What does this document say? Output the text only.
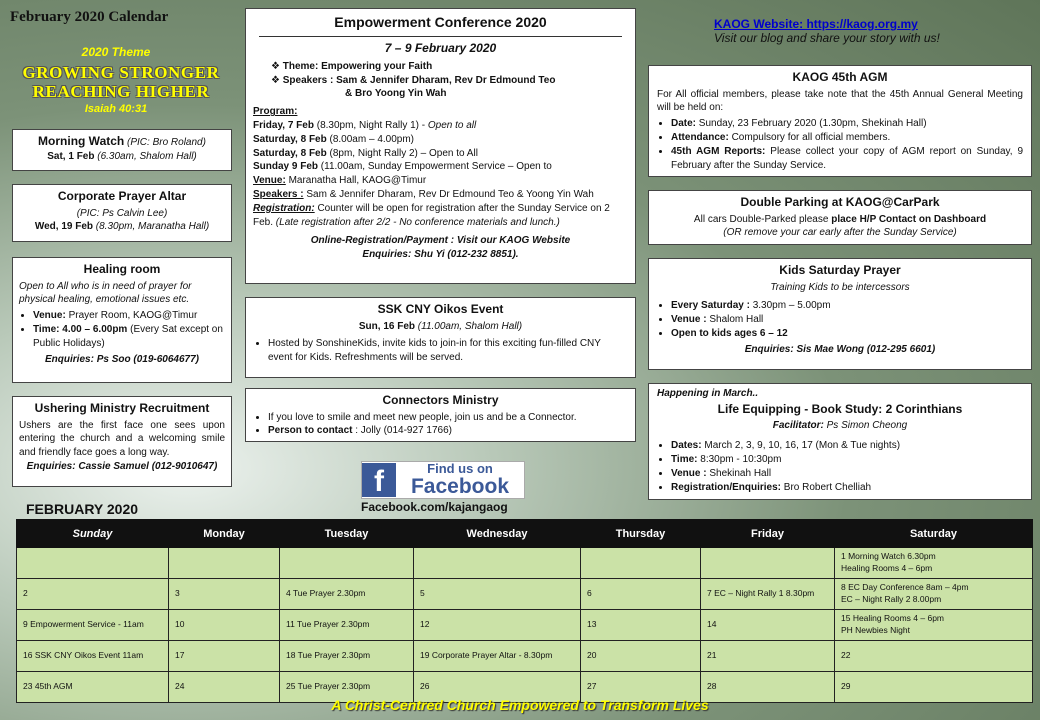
February 2020 Calendar
2020 Theme
GROWING STRONGER
REACHING HIGHER
Isaiah 40:31
Morning Watch (PIC: Bro Roland)
Sat, 1 Feb (6.30am, Shalom Hall)
Corporate Prayer Altar
(PIC: Ps Calvin Lee)
Wed, 19 Feb (8.30pm, Maranatha Hall)
Healing room
Open to All who is in need of prayer for physical healing, emotional issues etc.
• Venue: Prayer Room, KAOG@Timur
• Time: 4.00 – 6.00pm (Every Sat except on Public Holidays)
Enquiries: Ps Soo (019-6064677)
Ushering Ministry Recruitment
Ushers are the first face one sees upon entering the church and a welcoming smile and friendly face goes a long way.
Enquiries: Cassie Samuel (012-9010647)
Empowerment Conference 2020
7 – 9 February 2020
❖ Theme: Empowering your Faith
❖ Speakers : Sam & Jennifer Dharam, Rev Dr Edmound Teo
& Bro Yoong Yin Wah
Program:
Friday, 7 Feb (8.30pm, Night Rally 1) - Open to all
Saturday, 8 Feb (8.00am – 4.00pm)
Saturday, 8 Feb (8pm, Night Rally 2) – Open to All
Sunday 9 Feb (11.00am, Sunday Empowerment Service – Open to
Venue: Maranatha Hall, KAOG@Timur
Speakers : Sam & Jennifer Dharam, Rev Dr Edmound Teo & Yoong Yin Wah
Registration: Counter will be open for registration after the Sunday Service on 2 Feb. (Late registration after 2/2 - No conference materials and lunch.)
Online-Registration/Payment : Visit our KAOG Website
Enquiries: Shu Yi (012-232 8851).
SSK CNY Oikos Event
Sun, 16 Feb (11.00am, Shalom Hall)
• Hosted by SonshineKids, invite kids to join-in for this exciting fun-filled CNY event for Kids. Refreshments will be served.
Connectors Ministry
• If you love to smile and meet new people, join us and be a Connector.
• Person to contact : Jolly (014-927 1766)
f	Find us on
Facebook
Facebook.com/kajangaog
KAOG Website: https://kaog.org.my
Visit our blog and share your story with us!
KAOG 45th AGM
For All official members, please take note that the 45th Annual General Meeting will be held on:
• Date: Sunday, 23 February 2020 (1.30pm, Shekinah Hall)
• Attendance: Compulsory for all official members.
• 45th AGM Reports: Please collect your copy of AGM report on Sunday, 9 February after the Sunday Service.
Double Parking at KAOG@CarPark
All cars Double-Parked please place H/P Contact on Dashboard
(OR remove your car early after the Sunday Service)
Kids Saturday Prayer
Training Kids to be intercessors
• Every Saturday : 3.30pm – 5.00pm
• Venue : Shalom Hall
• Open to kids ages 6 – 12
Enquiries: Sis Mae Wong (012-295 6601)
Happening in March..
Life Equipping - Book Study: 2 Corinthians
Facilitator: Ps Simon Cheong
• Dates: March 2, 3, 9, 10, 16, 17 (Mon & Tue nights)
• Time: 8:30pm - 10:30pm
• Venue : Shekinah Hall
• Registration/Enquiries: Bro Robert Chelliah
FEBRUARY 2020
Sunday	Monday	Tuesday	Wednesday	Thursday	Friday	Saturday
						1 Morning Watch 6.30pm
Healing Rooms 4 – 6pm
2	3	4 Tue Prayer 2.30pm	5	6	7 EC – Night Rally 1 8.30pm	8 EC Day Conference 8am – 4pm
EC – Night Rally 2 8.00pm
9 Empowerment Service - 11am	10	11 Tue Prayer 2.30pm	12	13	14	15 Healing Rooms 4 – 6pm
PH Newbies Night
16 SSK CNY Oikos Event 11am	17	18 Tue Prayer 2.30pm	19 Corporate Prayer Altar - 8.30pm	20	21	22
23 45th AGM	24	25 Tue Prayer 2.30pm	26	27	28	29
A Christ-Centred Church Empowered to Transform Lives
